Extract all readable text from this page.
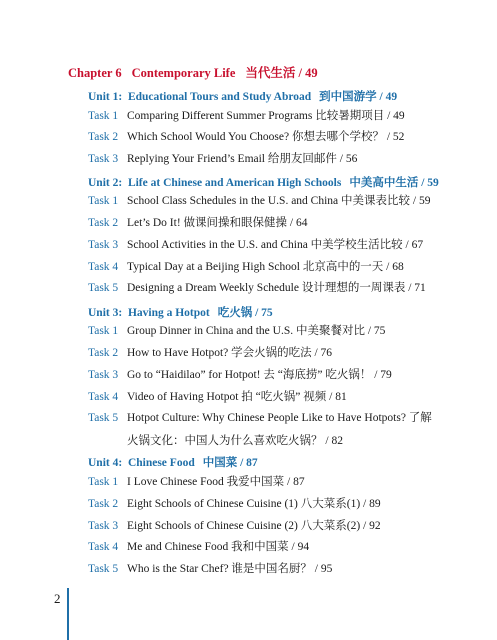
Chapter 6 Contemporary Life 当代生活 / 49
Unit 1: Educational Tours and Study Abroad 到中国游学 / 49
Task 1 Comparing Different Summer Programs 比较暑期项目 / 49
Task 2 Which School Would You Choose? 你想去哪个学校？ / 52
Task 3 Replying Your Friend’s Email 给朋友回邮件 / 56
Unit 2: Life at Chinese and American High Schools 中美高中生活 / 59
Task 1 School Class Schedules in the U.S. and China 中美课表比较 / 59
Task 2 Let’s Do It! 做课间操和眼保健操 / 64
Task 3 School Activities in the U.S. and China 中美学校生活比较 / 67
Task 4 Typical Day at a Beijing High School 北京高中的一天 / 68
Task 5 Designing a Dream Weekly Schedule 设计理想的一周课表 / 71
Unit 3: Having a Hotpot 吃火锅 / 75
Task 1 Group Dinner in China and the U.S. 中美聚餐对比 / 75
Task 2 How to Have Hotpot? 学会火锅的吃法 / 76
Task 3 Go to “Haidilao” for Hotpot! 去 “海底捞” 吃火锅！ / 79
Task 4 Video of Having Hotpot 拍 “吃火锅” 视频 / 81
Task 5 Hotpot Culture: Why Chinese People Like to Have Hotpots? 了解
火锅文化：中国人为什么喜欢吃火锅？ / 82
Unit 4: Chinese Food 中国菜 / 87
Task 1 I Love Chinese Food 我爱中国菜 / 87
Task 2 Eight Schools of Chinese Cuisine (1) 八大菜系(1) / 89
Task 3 Eight Schools of Chinese Cuisine (2) 八大菜系(2) / 92
Task 4 Me and Chinese Food 我和中国菜 / 94
Task 5 Who is the Star Chef? 谁是中国名厨？ / 95
2
